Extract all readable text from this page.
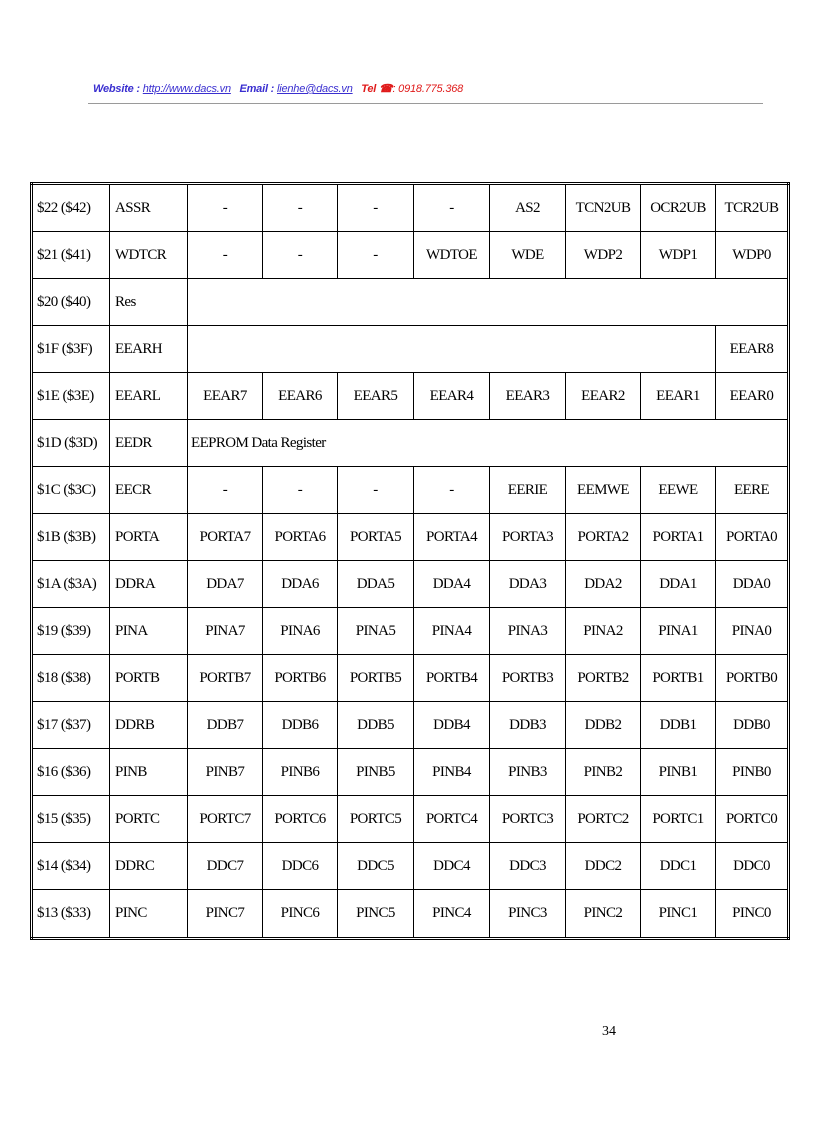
Website : http://www.dacs.vn Email : lienhe@dacs.vn Tel ☎: 0918.775.368
$22 ($42)	ASSR	-	-	-	-	AS2	TCN2UB	OCR2UB	TCR2UB
$21 ($41)	WDTCR	-	-	-	WDTOE	WDE	WDP2	WDP1	WDP0
$20 ($40)	Res								
$1F ($3F)	EEARH								EEAR8
$1E ($3E)	EEARL	EEAR7	EEAR6	EEAR5	EEAR4	EEAR3	EEAR2	EEAR1	EEAR0
$1D ($3D)	EEDR	EEPROM Data Register							
$1C ($3C)	EECR	-	-	-	-	EERIE	EEMWE	EEWE	EERE
$1B ($3B)	PORTA	PORTA7	PORTA6	PORTA5	PORTA4	PORTA3	PORTA2	PORTA1	PORTA0
$1A ($3A)	DDRA	DDA7	DDA6	DDA5	DDA4	DDA3	DDA2	DDA1	DDA0
$19 ($39)	PINA	PINA7	PINA6	PINA5	PINA4	PINA3	PINA2	PINA1	PINA0
$18 ($38)	PORTB	PORTB7	PORTB6	PORTB5	PORTB4	PORTB3	PORTB2	PORTB1	PORTB0
$17 ($37)	DDRB	DDB7	DDB6	DDB5	DDB4	DDB3	DDB2	DDB1	DDB0
$16 ($36)	PINB	PINB7	PINB6	PINB5	PINB4	PINB3	PINB2	PINB1	PINB0
$15 ($35)	PORTC	PORTC7	PORTC6	PORTC5	PORTC4	PORTC3	PORTC2	PORTC1	PORTC0
$14 ($34)	DDRC	DDC7	DDC6	DDC5	DDC4	DDC3	DDC2	DDC1	DDC0
$13 ($33)	PINC	PINC7	PINC6	PINC5	PINC4	PINC3	PINC2	PINC1	PINC0
34
